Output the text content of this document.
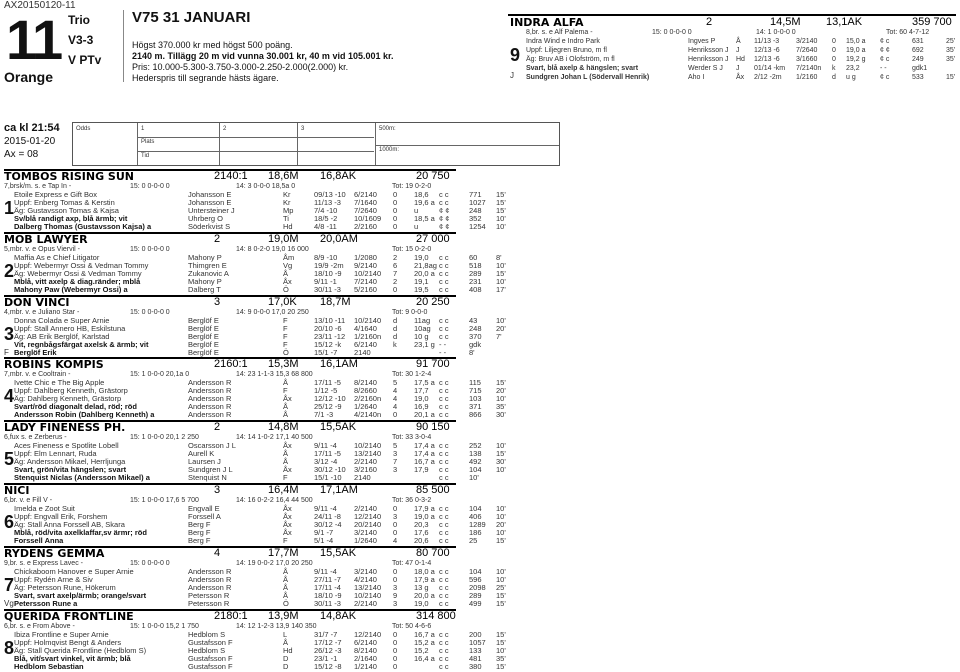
AX20150120-11
11
Orange
Trio
V3-3
V PTv
V75 31 JANUARI
Högst 370.000 kr med högst 500 poäng.
2140 m. Tillägg 20 m vid vunna 30.001 kr, 40 m vid 105.001 kr.
Pris: 10.000-5.300-3.750-3.000-2.250-2.000(2.000) kr.
Hederspris till segrande hästs ägare.
INDRA ALFA	2	14,5M 13,1AK	359 700
9
J
8,br. s. e Alf Palema -	15: 0 0-0-0 0	14: 1 0-0-0 0	Tot: 60 4-7-12
Indra Wind e Indro Park	Ingves P	Å 11/13 -3 3/2140 0 15,0 a ¢ c	631	25'
Uppf: Liljegren Bruno, m fl	Henriksson J J 12/13 -6 7/2640 0 19,0 a ¢ ¢	692	35'
Äg: Bruv AB i Olofström, m fl	Henriksson J Hd 12/13 -6 3/1660 0 19,2 g ¢ c	249	35'
Svart, blå axelp & hängslen; svart	Werder S J J 01/14 -km 7/2140n k 23,2	- -	gdk1
Sundgren Johan L (Södervall Henrik)	Aho I	Åx 2/12 -2m 1/2160 d u g	¢ c	533	15'
ca kl 21:54
2015-01-20
Ax = 08
Odds
Plats
Tid
1	2	3	500m:
1000m:
TOMBOS RISING SUN	2140:1 18,6M 16,8AK	20 750
7,brsk/m. s. e Tap In -	15: 0 0-0-0 0	14: 3 0-0-0 18,5a 0	Tot: 19 0-2-0
1
Etoile Express e Gift Box	Johansson E	Kr	09/13 -10 6/2140 0 18,6 c c	771 15'
Uppf: Enberg Tomas & Kerstin	Johansson E	Kr	11/13 -3 7/1640 0 19,6 a c c	1027 15'
Äg: Gustavsson Tomas & Kajsa	Untersteiner J	Mp	7/4 -10 7/2640 0 u	¢ ¢	248 15'
Sv/blå randigt axp, blå ärmb; vit	Uhrberg O	Ti	18/5 -2 10/1609 0 18,5 a ¢ ¢	352 10'
Dalberg Thomas (Gustavsson Kajsa) a	Söderkvist S	Hd	4/8 -11 2/2160 0 u	¢ ¢	1254 10'
MOB LAWYER	2	19,0M 20,0AM	27 000
5,mbr. v. e Opus Viervil -	15: 0 0-0-0 0	14: 8 0-2-0 19,0 16 000	Tot: 15 0-2-0
2
Maffia As e Chief Litigator	Mahony P	Åm	8/9 -10 1/2080 2 19,0 c c	60 8'
Uppf: Webermyr Ossi & Vedman Tommy	Thimgren E	Vg	19/9 -2m 9/2140 6 21,8ag c c	518 10'
Äg: Webermyr Ossi & Vedman Tommy	Zukanovic A	Å	18/10 -9 10/2140 7 20,0 a c c	289 15'
Mblå, vitt axelp & diag.ränder; mblå	Mahony P	Åx	9/11 -1 7/2140 2 19,1 c c	231 10'
Mahony Paw (Webermyr Ossi) a	Dalberg T	Ö	30/11 -3 5/2160 0 19,5 c c	408 17'
DON VINCI	3	17,0K 18,7M	20 250
4,mbr. v. e Juliano Star -	15: 0 0-0-0 0	14: 9 0-0-0 17,0 20 250	Tot: 9 0-0-0
3
F
Donna Colada e Super Arnie	Berglöf E	F	13/10 -11 10/2140 d 11ag c c	43 10'
Uppf: Stall Annero HB, Eskilstuna	Berglöf E	F	20/10 -6 4/1640 d 10ag c c	248 20'
Äg: AB Erik Berglöf, Karlstad	Berglöf E	F	23/11 -12 1/2160n d 10 g c c	370 7'
Vit, regnbågsfärgat axelsk & ärmb; vit	Berglöf E	F	15/12 -k 6/2140 k 23,1 g - -	gdk
Berglöf Erik	Berglöf E	Ö	15/1 -7 2140	- -	8'
ROBINS KOMPIS	2160:1 15,3M 16,1AM	91 700
7,mbr. v. e Cooltrain -	15: 1 0-0-0 20,1a 0	14: 23 1-1-3 15,3 68 800	Tot: 30 1-2-4
4
Ivette Chic e The Big Apple	Andersson R	Å	17/11 -5 8/2140 5 17,5 a c c	115 15'
Uppf: Dahlberg Kenneth, Grästorp	Andersson R	F	1/12 -5 8/2660 4 17,7 c c	715 20'
Äg: Dahlberg Kenneth, Grästorp	Andersson R	Åx	12/12 -10 2/2160n 4 19,0 c c	103 10'
Svart/röd diagonalt delad, röd; röd	Andersson R	Å	25/12 -9 1/2640 4 16,9 c c	371 35'
Andersson Robin (Dahlberg Kenneth) a	Andersson R	Å	7/1 -3	4/2140n 0 20,1 a c c	866 30'
LADY FINENESS PH.	2	14,8M 15,5AK	90 150
6,fux s. e Zerberus -	15: 1 0-0-0 20,1 2 250	14: 14 1-0-2 17,1 40 500	Tot: 33 3-0-4
5
Aces Fineness e Spotlite Lobell	Oscarsson J L	Åx	9/11 -4 10/2140 5 17,4 a c c	252 10'
Uppf: Elm Lennart, Ruda	Aurell K	Å	17/11 -5 13/2140 3 17,4 a c c	138 15'
Äg: Andersson Mikael, Herrljunga	Laursen J	Å	3/12 -4 2/2140 7 16,7 a c c	492 30'
Svart, grön/vita hängslen; svart	Sundgren J L	Åx	30/12 -10 3/2160 3 17,9 c c	104 10'
Stenquist Niclas (Andersson Mikael) a	Stenquist N	F	15/1 -10 2140	c c	10'
NICI	3	16,4M 17,1AM	85 500
6,br. v. e Fill V -	15: 1 0-0-0 17,6 5 700	14: 16 0-2-2 16,4 44 500	Tot: 36 0-3-2
6
Imelda e Zoot Suit	Engvall E	Åx	9/11 -4 2/2140 0 17,9 a c c	104 10'
Uppf: Engvall Erik, Forshem	Forssell A	Åx	24/11 -8 12/2140 3 19,0 a c c	406 10'
Äg: Stall Anna Forssell AB, Skara	Berg F	Åx	30/12 -4 20/2140 0 20,3 c c	1289 20'
Mblå, röd/vita axelklaffar,sv ärmr; röd	Berg F	Åx	9/1 -7	3/2140 0 17,6 c c	186 10'
Forssell Anna	Berg F	F	5/1 -4	1/2640 4 20,6 c c	25 15'
RYDENS GEMMA	4	17,7M 15,5AK	80 700
9,br. s. e Express Lavec -	15: 0 0-0-0 0	14: 19 0-0-2 17,0 20 250	Tot: 47 0-1-4
7
Vg
Chickaboom Hanover e Super Arnie	Andersson R	Å	9/11 -4 3/2140 0 18,0 a c c	104 10'
Uppf: Rydén Arne & Siv	Andersson R	Å	27/11 -7 4/2140 0 17,9 a c c	596 10'
Äg: Petersson Rune, Hökerum	Andersson R	Å	17/11 -4 13/2140 3 13 g c c	2098 25'
Svart, svart axelp/ärmb; orange/svart	Petersson R	Å	18/10 -9 10/2140 9 20,0 a c c	289 15'
Petersson Rune a	Petersson R	Ö	30/11 -3 2/2140 3 19,0 c c	499 15'
QUERIDA FRONTLINE	2180:1 13,9M 14,8AK	314 800
6,br. s. e From Above -	15: 1 0-0-0 15,2 1 750	14: 12 1-2-3 13,9 140 350	Tot: 50 4-6-6
8
Ibiza Frontline e Super Arnie	Hedblom S	L	31/7 -7 12/2140 0 16,7 a c c	200 15'
Uppf: Holmqvist Bengt & Anders	Gustafsson F	Å	17/12 -7 6/2140 0 15,2 a c c	1057 15'
Äg: Stall Querida Frontline (Hedblom S)	Hedblom S	Hd	26/12 -3 8/2140 0 15,2 c c	133 10'
Blå, vit/svart vinkel, vit ärmb; blå	Gustafsson F	D	23/1 -1 2/1640 0 16,4 a c c	481 35'
Hedblom Sebastian	Gustafsson F	D	15/12 -8 1/2140 0	c c	380 15'
